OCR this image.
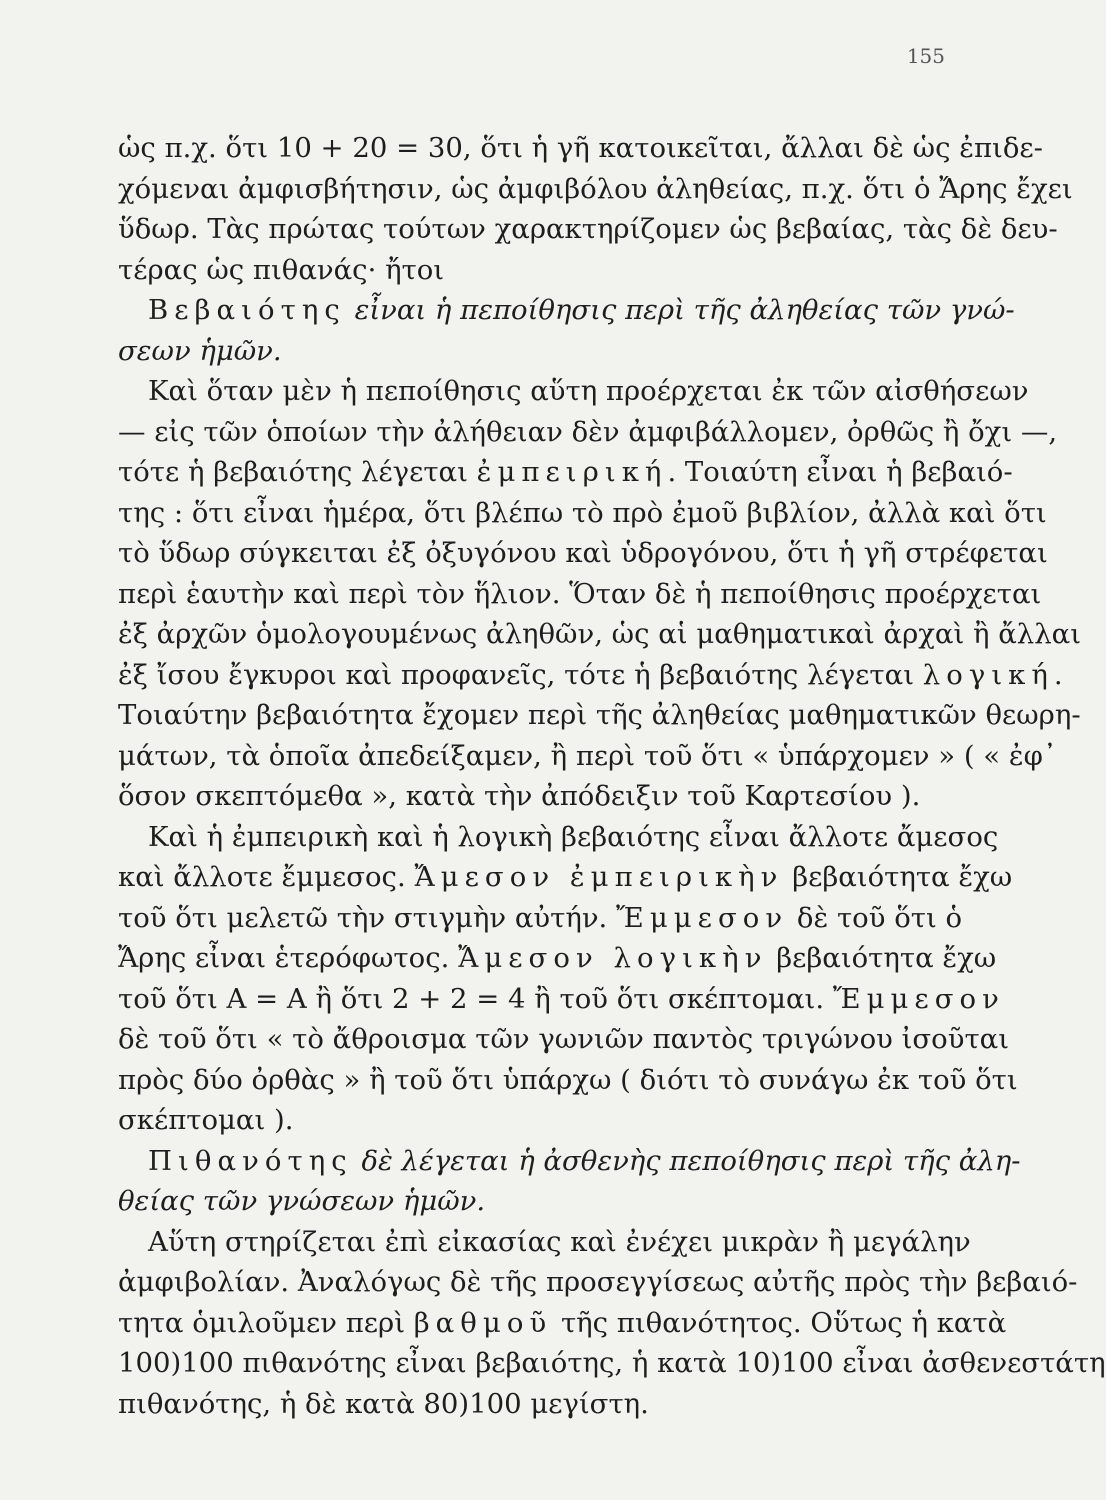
155
ὡς π.χ. ὅτι 10 + 20 = 30, ὅτι ἡ γῆ κατοικεῖται, ἄλλαι δὲ ὡς ἐπιδε-
χόμεναι ἀμφισβήτησιν, ὡς ἀμφιβόλου ἀληθείας, π.χ. ὅτι ὁ Ἄρης ἔχει
ὕδωρ. Τὰς πρώτας τούτων χαρακτηρίζομεν ὡς βεβαίας, τὰς δὲ δευ-
τέρας ὡς πιθανάς· ἤτοι
Βεβαιότης εἶναι ἡ πεποίθησις περὶ τῆς ἀληθείας τῶν γνώ-
σεων ἡμῶν.
Καὶ ὅταν μὲν ἡ πεποίθησις αὕτη προέρχεται ἐκ τῶν αἰσθήσεων
— εἰς τῶν ὁποίων τὴν ἀλήθειαν δὲν ἀμφιβάλλομεν, ὀρθῶς ἢ ὄχι —,
τότε ἡ βεβαιότης λέγεται ἐμπειρική. Τοιαύτη εἶναι ἡ βεβαιό-
της : ὅτι εἶναι ἡμέρα, ὅτι βλέπω τὸ πρὸ ἐμοῦ βιβλίον, ἀλλὰ καὶ ὅτι
τὸ ὕδωρ σύγκειται ἐξ ὀξυγόνου καὶ ὑδρογόνου, ὅτι ἡ γῆ στρέφεται
περὶ ἑαυτὴν καὶ περὶ τὸν ἥλιον. Ὅταν δὲ ἡ πεποίθησις προέρχεται
ἐξ ἀρχῶν ὁμολογουμένως ἀληθῶν, ὡς αἱ μαθηματικαὶ ἀρχαὶ ἢ ἄλλαι
ἐξ ἴσου ἔγκυροι καὶ προφανεῖς, τότε ἡ βεβαιότης λέγεται λογική.
Τοιαύτην βεβαιότητα ἔχομεν περὶ τῆς ἀληθείας μαθηματικῶν θεωρη-
μάτων, τὰ ὁποῖα ἀπεδείξαμεν, ἢ περὶ τοῦ ὅτι « ὑπάρχομεν » ( « ἐφ᾽
ὅσον σκεπτόμεθα », κατὰ τὴν ἀπόδειξιν τοῦ Καρτεσίου ).
Καὶ ἡ ἐμπειρικὴ καὶ ἡ λογικὴ βεβαιότης εἶναι ἄλλοτε ἄμεσος
καὶ ἄλλοτε ἔμμεσος. Ἄμεσον ἐμπειρικὴν βεβαιότητα ἔχω
τοῦ ὅτι μελετῶ τὴν στιγμὴν αὐτήν. Ἔμμεσον δὲ τοῦ ὅτι ὁ
Ἄρης εἶναι ἑτερόφωτος. Ἄμεσον λογικὴν βεβαιότητα ἔχω
τοῦ ὅτι Α = Α ἢ ὅτι 2 + 2 = 4 ἢ τοῦ ὅτι σκέπτομαι. Ἔμμεσον
δὲ τοῦ ὅτι « τὸ ἄθροισμα τῶν γωνιῶν παντὸς τριγώνου ἰσοῦται
πρὸς δύο ὀρθὰς » ἢ τοῦ ὅτι ὑπάρχω ( διότι τὸ συνάγω ἐκ τοῦ ὅτι
σκέπτομαι ).
Πιθανότης δὲ λέγεται ἡ ἀσθενὴς πεποίθησις περὶ τῆς ἀλη-
θείας τῶν γνώσεων ἡμῶν.
Αὕτη στηρίζεται ἐπὶ εἰκασίας καὶ ἐνέχει μικρὰν ἢ μεγάλην
ἀμφιβολίαν. Ἀναλόγως δὲ τῆς προσεγγίσεως αὐτῆς πρὸς τὴν βεβαιό-
τητα ὁμιλοῦμεν περὶ βαθμοῦ τῆς πιθανότητος. Οὕτως ἡ κατὰ
100)100 πιθανότης εἶναι βεβαιότης, ἡ κατὰ 10)100 εἶναι ἀσθενεστάτη
πιθανότης, ἡ δὲ κατὰ 80)100 μεγίστη.
